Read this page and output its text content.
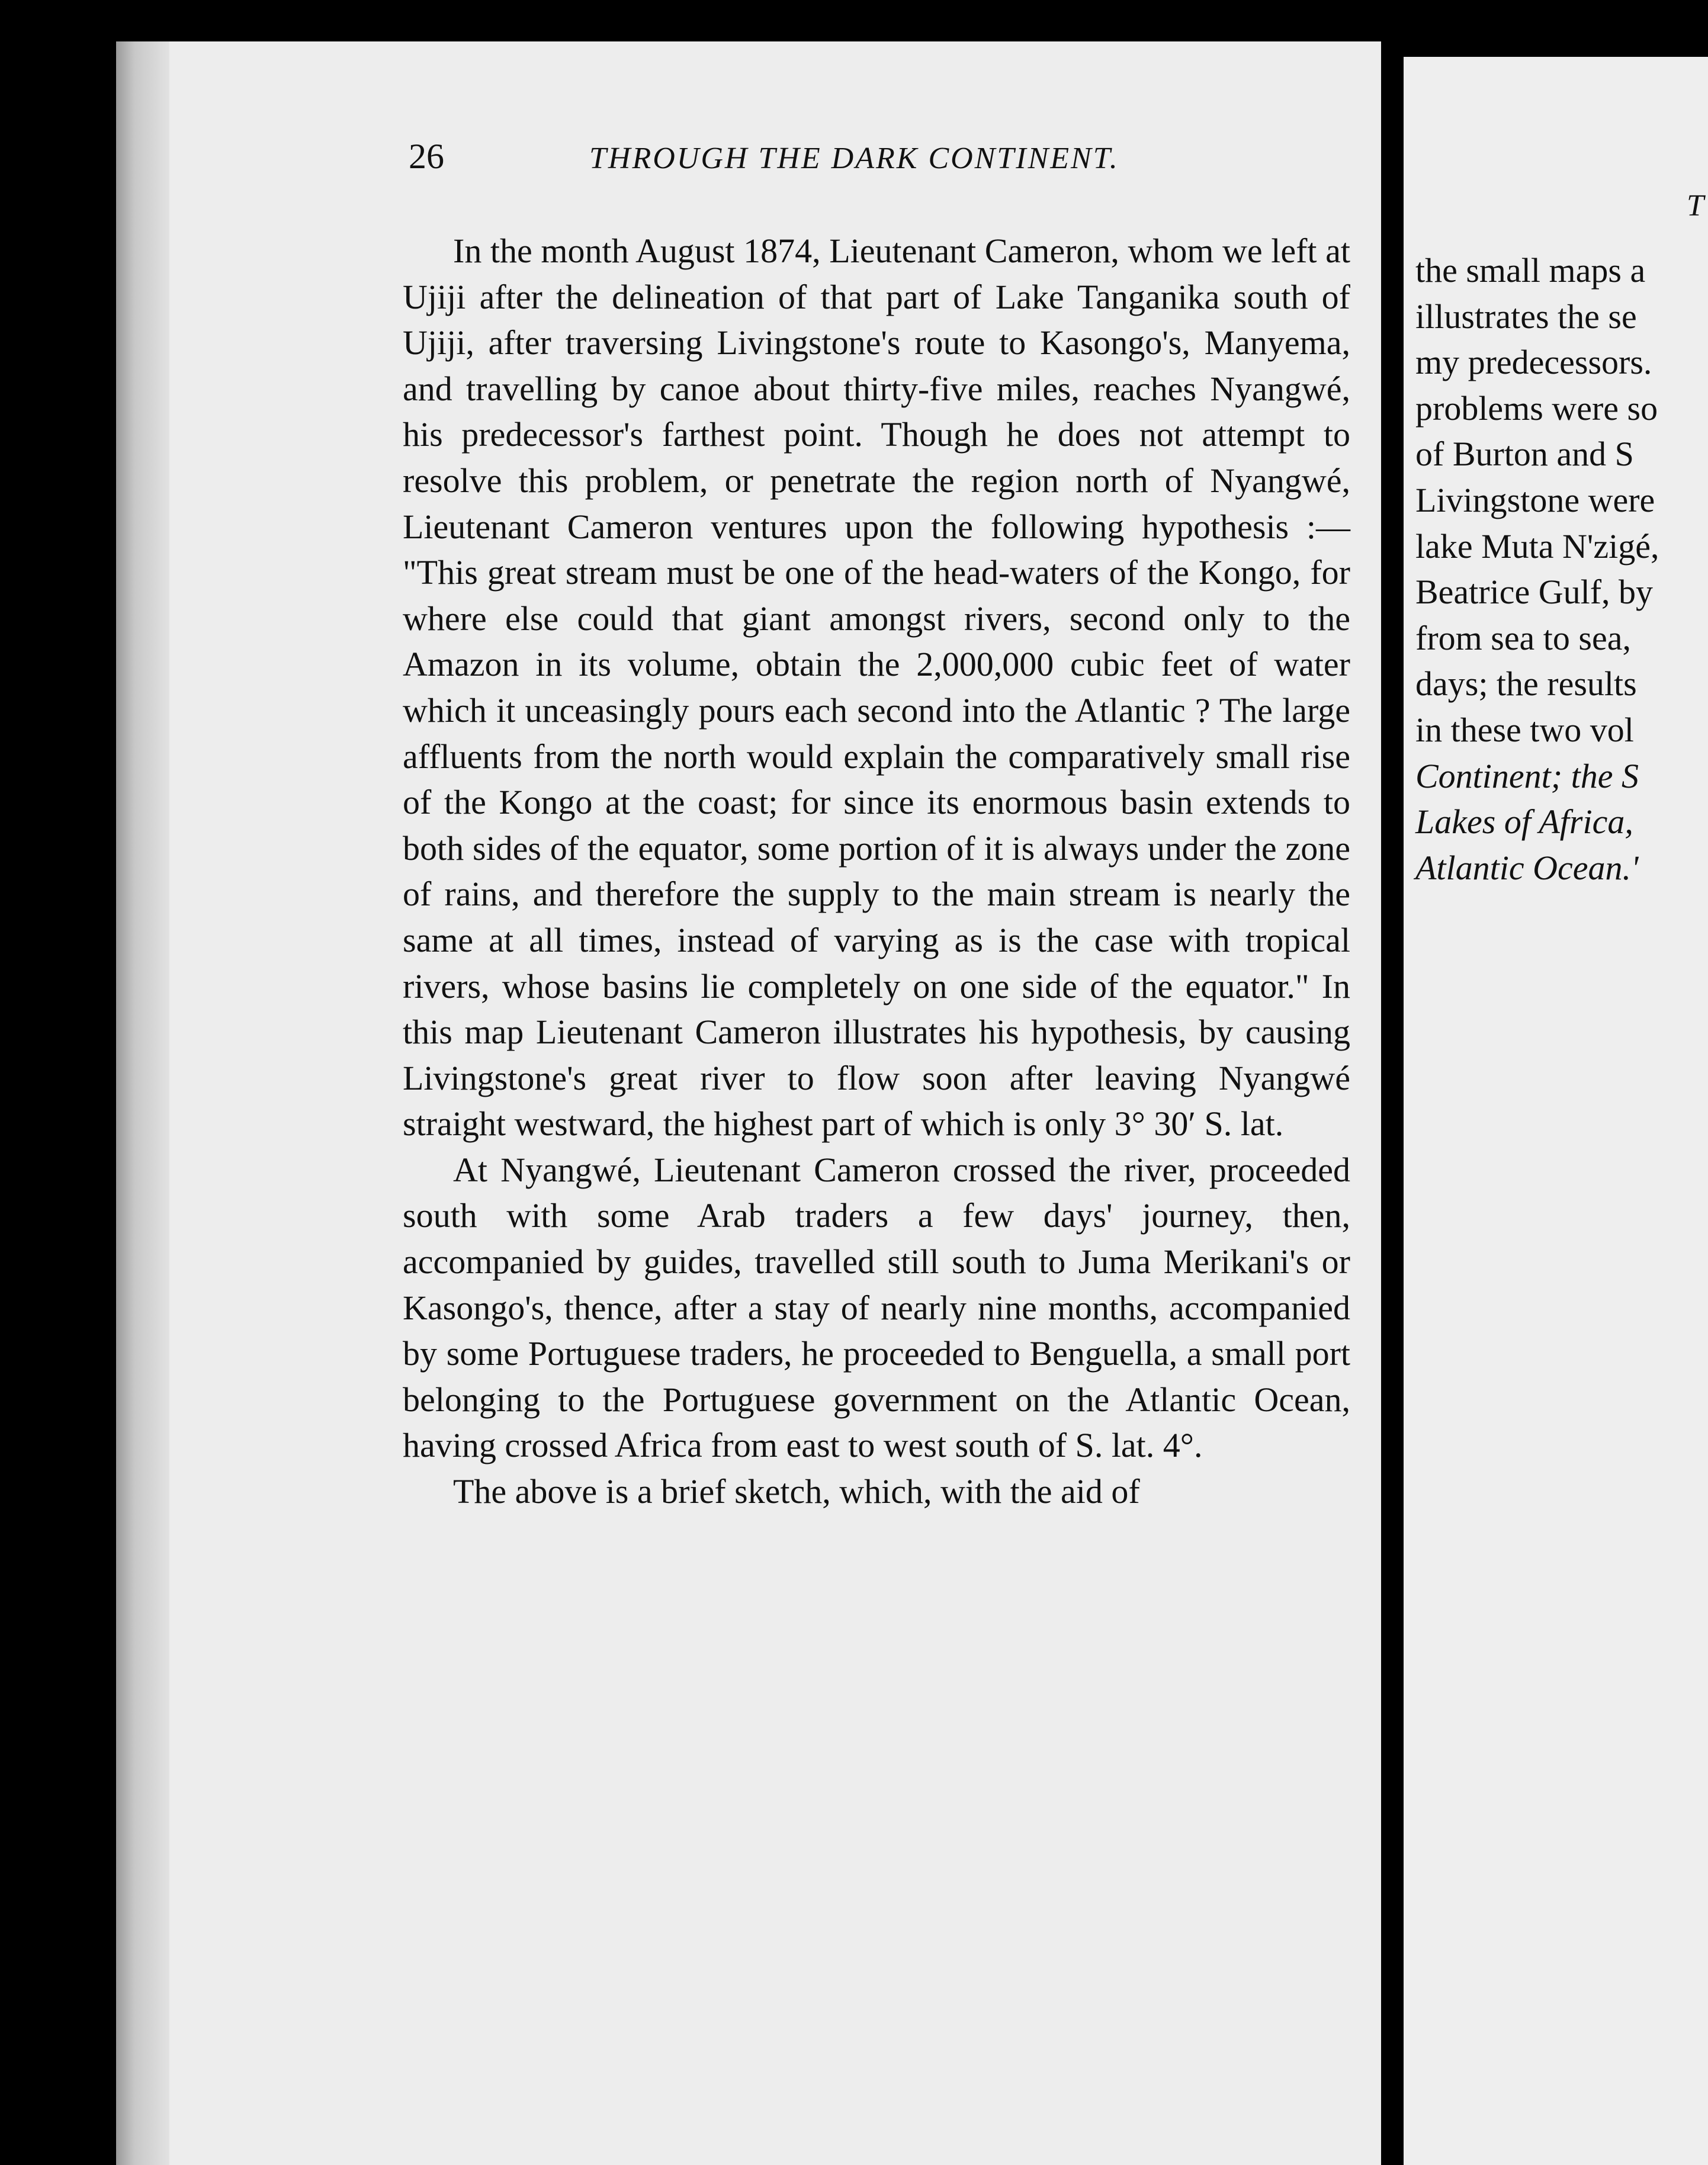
26	THROUGH THE DARK CONTINENT.

In the month August 1874, Lieutenant Cameron, whom we left at Ujiji after the delineation of that part of Lake Tanganika south of Ujiji, after traversing Livingstone's route to Kasongo's, Manyema, and travelling by canoe about thirty-five miles, reaches Nyangwé, his predecessor's farthest point. Though he does not attempt to resolve this problem, or penetrate the region north of Nyangwé, Lieutenant Cameron ventures upon the following hypothesis :— "This great stream must be one of the head-waters of the Kongo, for where else could that giant amongst rivers, second only to the Amazon in its volume, obtain the 2,000,000 cubic feet of water which it unceasingly pours each second into the Atlantic ? The large affluents from the north would explain the comparatively small rise of the Kongo at the coast; for since its enormous basin extends to both sides of the equator, some portion of it is always under the zone of rains, and therefore the supply to the main stream is nearly the same at all times, instead of varying as is the case with tropical rivers, whose basins lie completely on one side of the equator." In this map Lieutenant Cameron illustrates his hypothesis, by causing Livingstone's great river to flow soon after leaving Nyangwé straight westward, the highest part of which is only 3° 30′ S. lat.

At Nyangwé, Lieutenant Cameron crossed the river, proceeded south with some Arab traders a few days' journey, then, accompanied by guides, travelled still south to Juma Merikani's or Kasongo's, thence, after a stay of nearly nine months, accompanied by some Portuguese traders, he proceeded to Benguella, a small port belonging to the Portuguese government on the Atlantic Ocean, having crossed Africa from east to west south of S. lat. 4°.

The above is a brief sketch, which, with the aid of

T
the small maps a
illustrates the se
my predecessors.
problems were so
of Burton and S
Livingstone were
lake Muta N'zigé,
Beatrice Gulf, by
from sea to sea,
days; the results
in these two vol
Continent; the S
Lakes of Africa,
Atlantic Ocean.'
